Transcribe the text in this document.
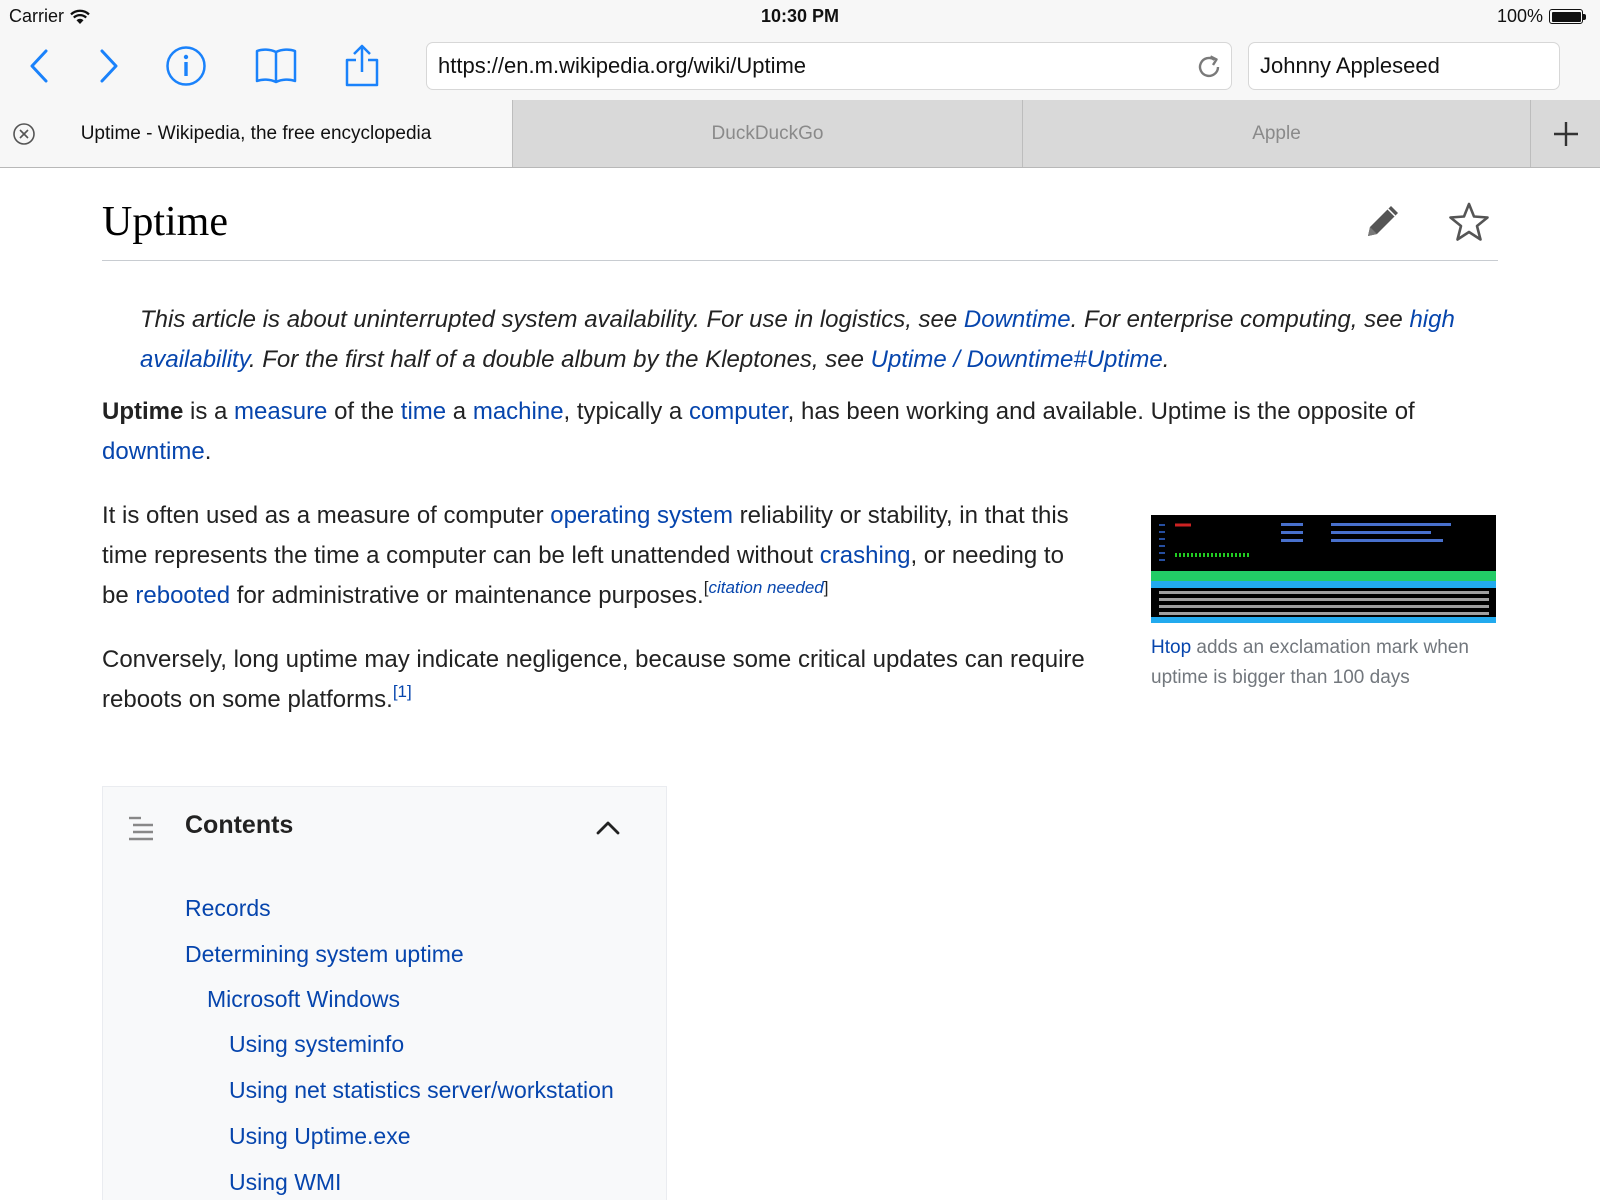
Carrier	10:30 PM	100%
https://en.m.wikipedia.org/wiki/Uptime	Johnny Appleseed
Uptime - Wikipedia, the free encyclopedia	DuckDuckGo	Apple
Uptime
This article is about uninterrupted system availability. For use in logistics, see Downtime. For enterprise computing, see high availability. For the first half of a double album by the Kleptones, see Uptime / Downtime#Uptime.
Uptime is a measure of the time a machine, typically a computer, has been working and available. Uptime is the opposite of downtime.
It is often used as a measure of computer operating system reliability or stability, in that this time represents the time a computer can be left unattended without crashing, or needing to be rebooted for administrative or maintenance purposes.[citation needed]
Conversely, long uptime may indicate negligence, because some critical updates can require reboots on some platforms.[1]
Htop adds an exclamation mark when uptime is bigger than 100 days
Contents
Records
Determining system uptime
Microsoft Windows
Using systeminfo
Using net statistics server/workstation
Using Uptime.exe
Using WMI
